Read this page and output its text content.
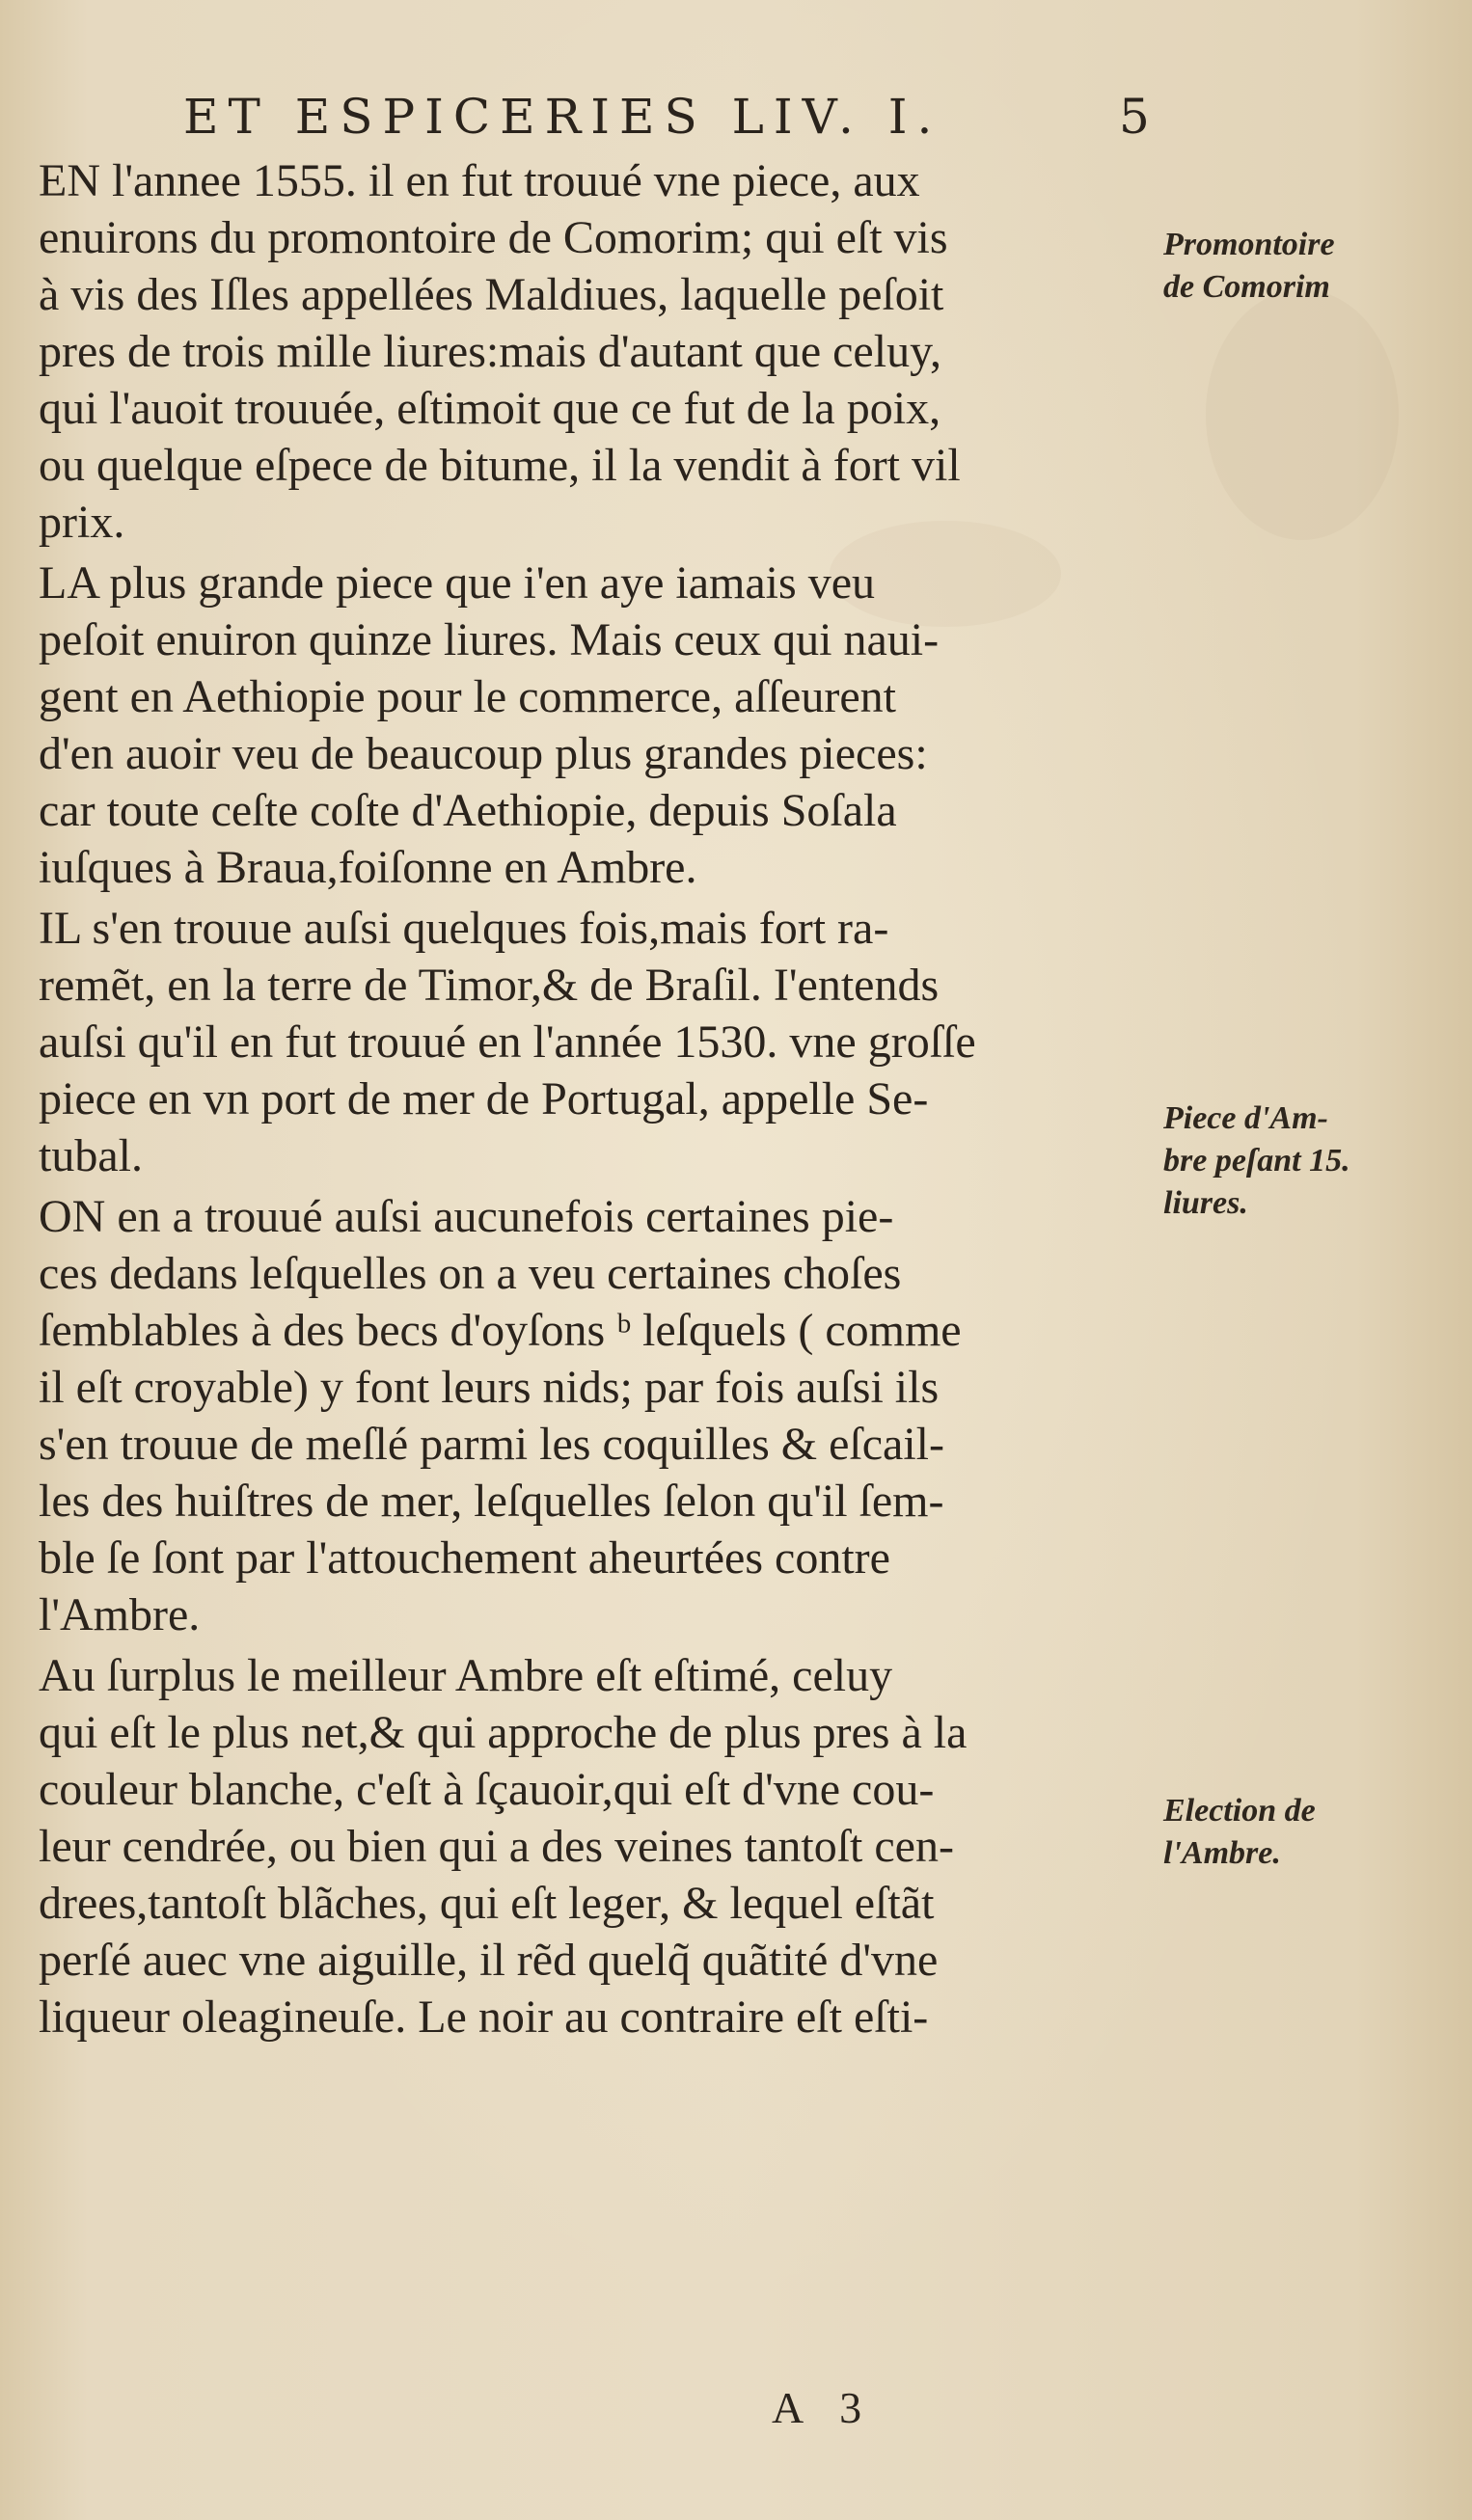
ET ESPICERIES LIV. I.	5
EN l'annee 1555. il en fut trouué vne piece, aux
enuirons du promontoire de Comorim; qui eſt vis
à vis des Iſles appellées Maldiues, laquelle peſoit
pres de trois mille liures:mais d'autant que celuy,
qui l'auoit trouuée, eſtimoit que ce fut de la poix,
ou quelque eſpece de bitume, il la vendit à fort vil
prix.
LA plus grande piece que i'en aye iamais veu
peſoit enuiron quinze liures. Mais ceux qui naui-
gent en Aethiopie pour le commerce, aſſeurent
d'en auoir veu de beaucoup plus grandes pieces:
car toute ceſte coſte d'Aethiopie, depuis Soſala
iuſques à Braua,foiſonne en Ambre.
IL s'en trouue auſsi quelques fois,mais fort ra-
remẽt, en la terre de Timor,& de Braſil. I'entends
auſsi qu'il en fut trouué en l'année 1530. vne groſſe
piece en vn port de mer de Portugal, appelle Se-
tubal.
ON en a trouué auſsi aucunefois certaines pie-
ces dedans leſquelles on a veu certaines choſes
ſemblables à des becs d'oyſons ᵇ leſquels ( comme
il eſt croyable) y font leurs nids; par fois auſsi ils
s'en trouue de meſlé parmi les coquilles & eſcail-
les des huiſtres de mer, leſquelles ſelon qu'il ſem-
ble ſe ſont par l'attouchement aheurtées contre
l'Ambre.
Au ſurplus le meilleur Ambre eſt eſtimé, celuy
qui eſt le plus net,& qui approche de plus pres à la
couleur blanche, c'eſt à ſçauoir,qui eſt d'vne cou-
leur cendrée, ou bien qui a des veines tantoſt cen-
drees,tantoſt blãches, qui eſt leger, & lequel eſtãt
perſé auec vne aiguille, il rẽd quelq̃ quãtité d'vne
liqueur oleagineuſe. Le noir au contraire eſt eſti-
Promontoire
de Comorim
Piece d'Am-
bre peſant 15.
liures.
Election de
l'Ambre.
A 3
